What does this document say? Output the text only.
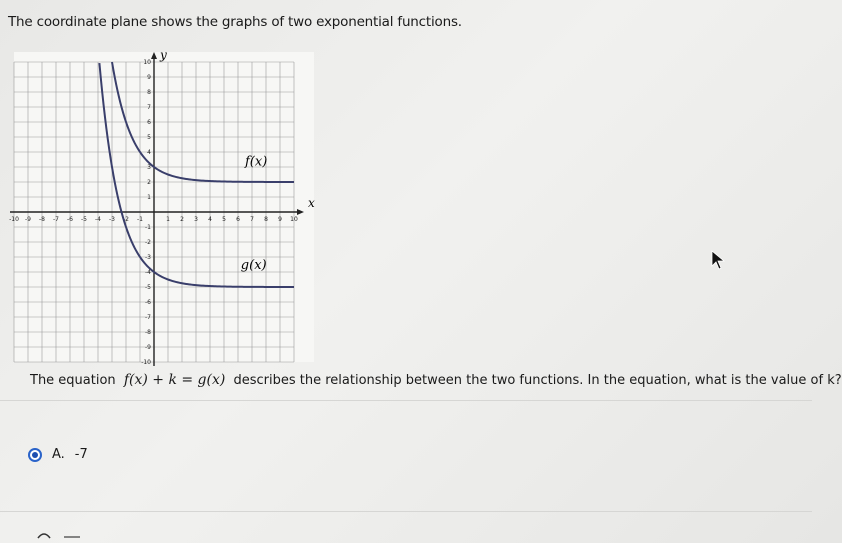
The coordinate plane shows the graphs of two exponential functions.
-10 -9 -8 -7 -6 -5 -4 -3 -2 -1	1 2 3 4 5 6 7 8 9 10
10
9
8
7
6
5
4
3
2
1
-1
-2
-3
-4
-5
-6
-7
-8
-9
-10
f(x)
g(x)
x
y
The equation f(x) + k = g(x) describes the relationship between the two functions. In the equation, what is the value of k?
A. -7
